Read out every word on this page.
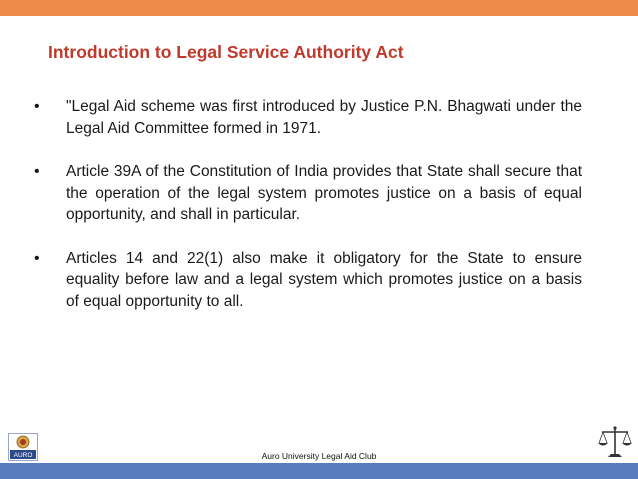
Introduction to Legal Service Authority Act
• "Legal Aid scheme was first introduced by Justice P.N. Bhagwati under the Legal Aid Committee formed in 1971.
• Article 39A of the Constitution of India provides that State shall secure that the operation of the legal system promotes justice on a basis of equal opportunity, and shall in particular.
• Articles 14 and 22(1) also make it obligatory for the State to ensure equality before law and a legal system which promotes justice on a basis of equal opportunity to all.
AURO	Auro University Legal Aid Club
